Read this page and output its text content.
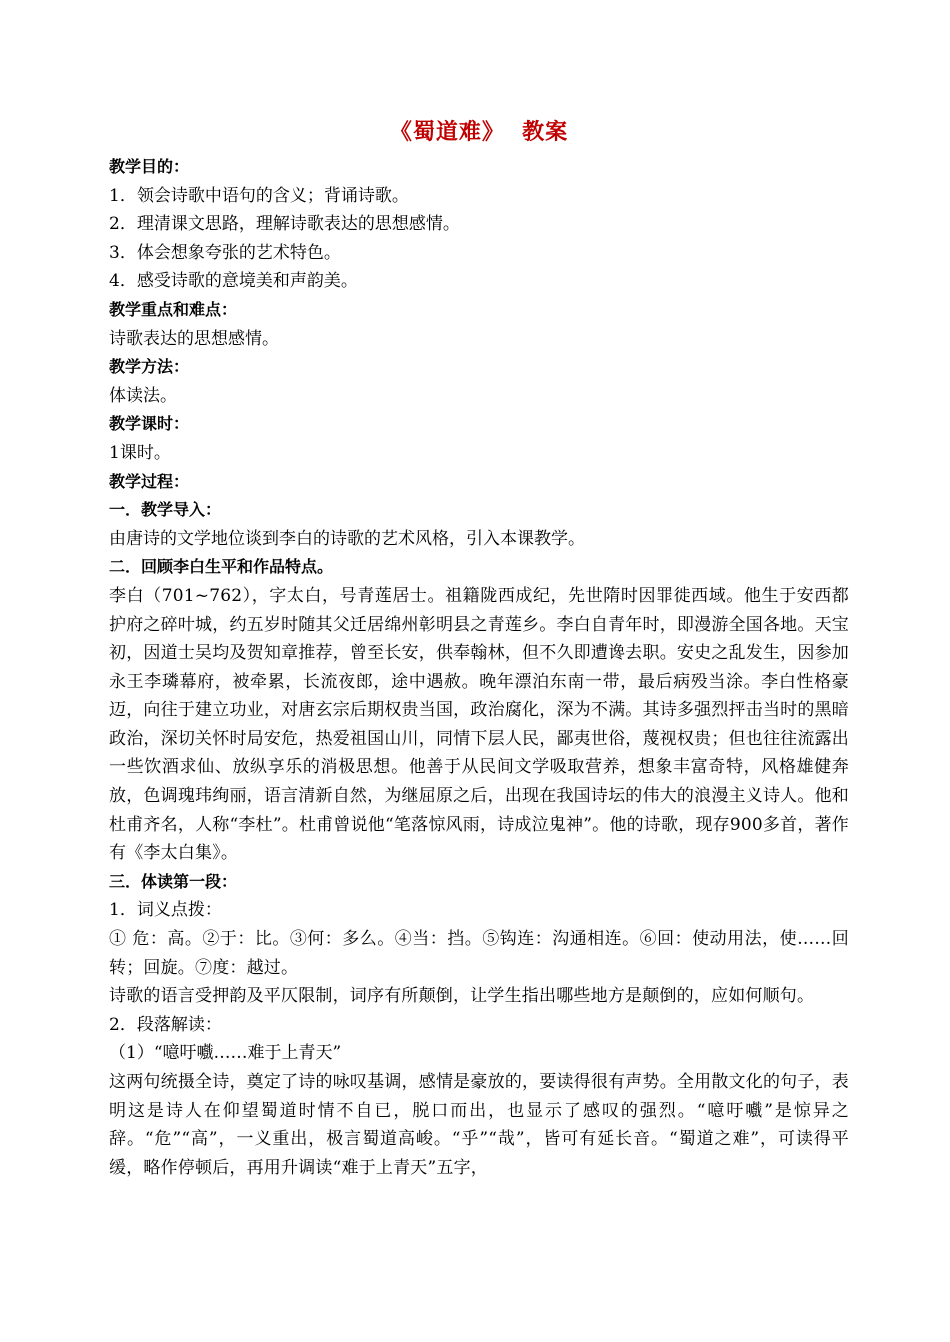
《蜀道难》  教案
教学目的：
1．领会诗歌中语句的含义；背诵诗歌。
2．理清课文思路，理解诗歌表达的思想感情。
3．体会想象夸张的艺术特色。
4．感受诗歌的意境美和声韵美。
教学重点和难点：
诗歌表达的思想感情。
教学方法：
体读法。
教学课时：
1课时。
教学过程：
一．教学导入：
由唐诗的文学地位谈到李白的诗歌的艺术风格，引入本课教学。
二．回顾李白生平和作品特点。
李白（701~762），字太白，号青莲居士。祖籍陇西成纪，先世隋时因罪徙西域。他生于安西都护府之碎叶城，约五岁时随其父迁居绵州彰明县之青莲乡。李白自青年时，即漫游全国各地。天宝初，因道士吴均及贺知章推荐，曾至长安，供奉翰林，但不久即遭谗去职。安史之乱发生，因参加永王李璘幕府，被牵累，长流夜郎，途中遇赦。晚年漂泊东南一带，最后病殁当涂。李白性格豪迈，向往于建立功业，对唐玄宗后期权贵当国，政治腐化，深为不满。其诗多强烈抨击当时的黑暗政治，深切关怀时局安危，热爱祖国山川，同情下层人民，鄙夷世俗，蔑视权贵；但也往往流露出一些饮酒求仙、放纵享乐的消极思想。他善于从民间文学吸取营养，想象丰富奇特，风格雄健奔放，色调瑰玮绚丽，语言清新自然，为继屈原之后，出现在我国诗坛的伟大的浪漫主义诗人。他和杜甫齐名，人称“李杜”。杜甫曾说他“笔落惊风雨，诗成泣鬼神”。他的诗歌，现存900多首，著作有《李太白集》。
三．体读第一段：
1．词义点拨：
① 危：高。②于：比。③何：多么。④当：挡。⑤钩连：沟通相连。⑥回：使动用法，使……回转；回旋。⑦度：越过。
诗歌的语言受押韵及平仄限制，词序有所颠倒，让学生指出哪些地方是颠倒的，应如何顺句。
2．段落解读：
（1）“噫吁嚱……难于上青天”
这两句统摄全诗，奠定了诗的咏叹基调，感情是豪放的，要读得很有声势。全用散文化的句子，表明这是诗人在仰望蜀道时情不自已，脱口而出，也显示了感叹的强烈。“噫吁嚱”是惊异之辞。“危”“高”，一义重出，极言蜀道高峻。“乎”“哉”，皆可有延长音。“蜀道之难”，可读得平缓，略作停顿后，再用升调读“难于上青天”五字，
